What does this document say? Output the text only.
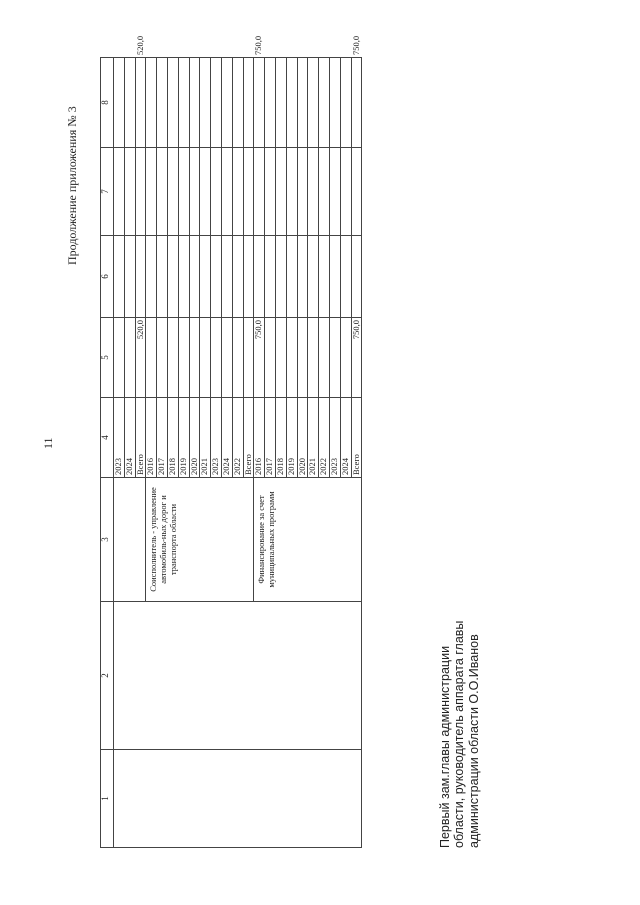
11
Продолжение приложения № 3
1	2	3	4	5	6	7	8	
			2023					
			2024					
			Всего	520,0				520,0
		Соисполнитель - управление автомобиль-ных дорог и транспорта области	2016					
			2017					
			2018					
			2019					
			2020					
			2021					
			2023					
			2024					
			2022					
			Всего					
		Финансирование за счет муниципальных программ	2016	750,0				750,0
			2017					
			2018					
			2019					
			2020					
			2021					
			2022					
			2023					
			2024					
			Всего	750,0				750,0
Первый зам.главы администрации области, руководитель аппарата главы администрации области О.О.Иванов
